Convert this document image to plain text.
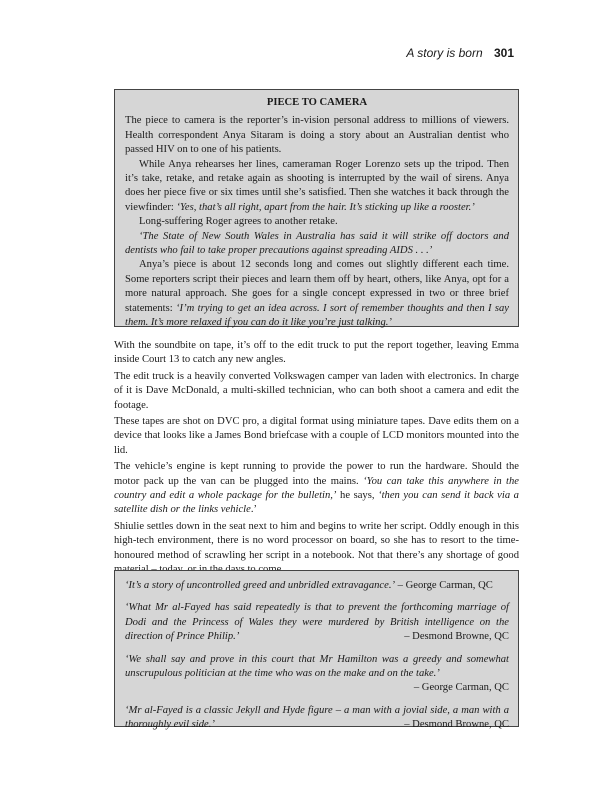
A story is born 301

PIECE TO CAMERA

The piece to camera is the reporter’s in-vision personal address to millions of viewers. Health correspondent Anya Sitaram is doing a story about an Australian dentist who passed HIV on to one of his patients.

While Anya rehearses her lines, cameraman Roger Lorenzo sets up the tripod. Then it’s take, retake, and retake again as shooting is interrupted by the wail of sirens. Anya does her piece five or six times until she’s satisfied. Then she watches it back through the viewfinder: ‘Yes, that’s all right, apart from the hair. It’s sticking up like a rooster.’

Long-suffering Roger agrees to another retake.

‘The State of New South Wales in Australia has said it will strike off doctors and dentists who fail to take proper precautions against spreading AIDS . . .’

Anya’s piece is about 12 seconds long and comes out slightly different each time. Some reporters script their pieces and learn them off by heart, others, like Anya, opt for a more natural approach. She goes for a single concept expressed in two or three brief statements: ‘I’m trying to get an idea across. I sort of remember thoughts and then I say them. It’s more relaxed if you can do it like you’re just talking.’

With the soundbite on tape, it’s off to the edit truck to put the report together, leaving Emma inside Court 13 to catch any new angles.

The edit truck is a heavily converted Volkswagen camper van laden with electronics. In charge of it is Dave McDonald, a multi-skilled technician, who can both shoot a camera and edit the footage.

These tapes are shot on DVC pro, a digital format using miniature tapes. Dave edits them on a device that looks like a James Bond briefcase with a couple of LCD monitors mounted into the lid.

The vehicle’s engine is kept running to provide the power to run the hardware. Should the motor pack up the van can be plugged into the mains. ‘You can take this anywhere in the country and edit a whole package for the bulletin,’ he says, ‘then you can send it back via a satellite dish or the links vehicle.’

Shiulie settles down in the seat next to him and begins to write her script. Oddly enough in this high-tech environment, there is no word processor on board, so she has to resort to the time-honoured method of scrawling her script in a notebook. Not that there’s any shortage of good

‘It’s a story of uncontrolled greed and unbridled extravagance.’ – George Carman, QC

‘What Mr al-Fayed has said repeatedly is that to prevent the forthcoming marriage of Dodi and the Princess of Wales they were murdered by British intelligence on the direction of Prince Philip.’	– Desmond Browne, QC

‘We shall say and prove in this court that Mr Hamilton was a greedy and somewhat unscrupulous politician at the time who was on the make and on the take.’
– George Carman, QC

‘Mr al-Fayed is a classic Jekyll and Hyde figure – a man with a jovial side, a man with a thoroughly evil side.’	– Desmond Browne, QC
